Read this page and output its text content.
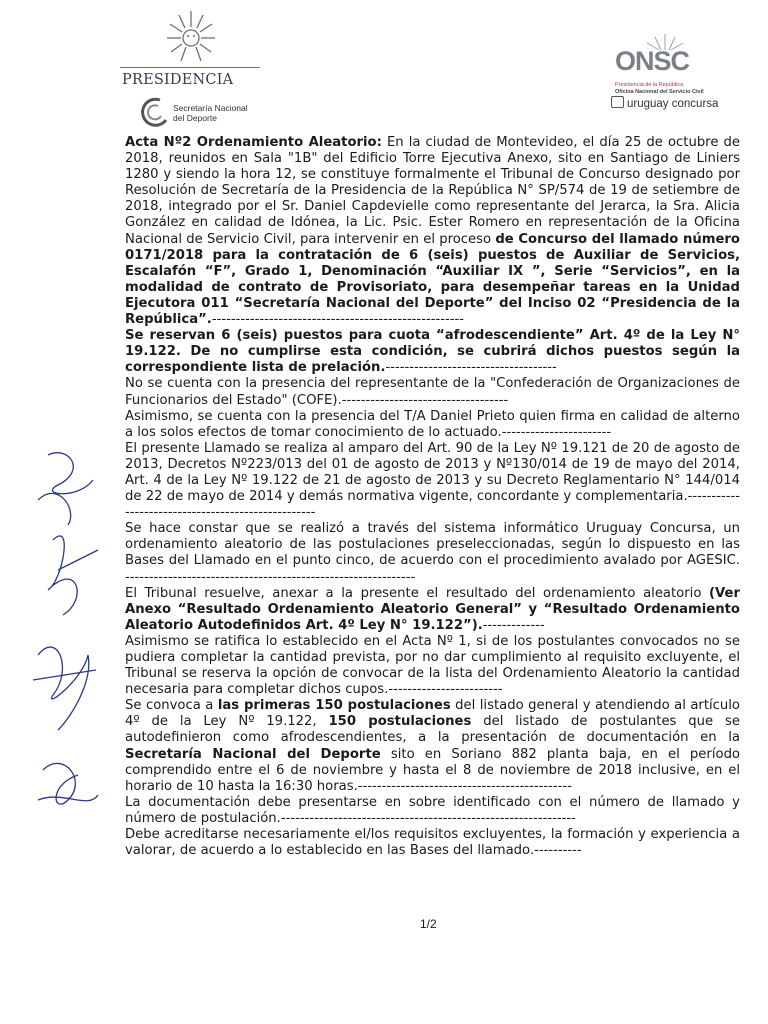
PRESIDENCIA
Secretaría Nacional
del Deporte
ONSC
Presidencia de la República
Oficina Nacional del Servicio Civil
uruguay concursa

Acta Nº2 Ordenamiento Aleatorio: En la ciudad de Montevideo, el día 25 de octubre de 2018, reunidos en Sala "1B" del Edificio Torre Ejecutiva Anexo, sito en Santiago de Liniers 1280 y siendo la hora 12, se constituye formalmente el Tribunal de Concurso designado por Resolución de Secretaría de la Presidencia de la República N° SP/574 de 19 de setiembre de 2018, integrado por el Sr. Daniel Capdevielle como representante del Jerarca, la Sra. Alicia González en calidad de Idónea, la Lic. Psic. Ester Romero en representación de la Oficina Nacional de Servicio Civil, para intervenir en el proceso de Concurso del llamado número 0171/2018 para la contratación de 6 (seis) puestos de Auxiliar de Servicios, Escalafón “F”, Grado 1, Denominación “Auxiliar IX ”, Serie “Servicios”, en la modalidad de contrato de Provisoriato, para desempeñar tareas en la Unidad Ejecutora 011 “Secretaría Nacional del Deporte” del Inciso 02 “Presidencia de la República”.-----------------------------------------------------

Se reservan 6 (seis) puestos para cuota “afrodescendiente” Art. 4º de la Ley N° 19.122. De no cumplirse esta condición, se cubrirá dichos puestos según la correspondiente lista de prelación.------------------------------------

No se cuenta con la presencia del representante de la "Confederación de Organizaciones de Funcionarios del Estado" (COFE).-----------------------------------

Asimismo, se cuenta con la presencia del T/A Daniel Prieto quien firma en calidad de alterno a los solos efectos de tomar conocimiento de lo actuado.-----------------------

El presente Llamado se realiza al amparo del Art. 90 de la Ley Nº 19.121 de 20 de agosto de 2013, Decretos Nº223/013 del 01 de agosto de 2013 y Nº130/014 de 19 de mayo del 2014, Art. 4 de la Ley Nº 19.122 de 21 de agosto de 2013 y su Decreto Reglamentario N° 144/014 de 22 de mayo de 2014 y demás normativa vigente, concordante y complementaria.---------------------------------------------------

Se hace constar que se realizó a través del sistema informático Uruguay Concursa, un ordenamiento aleatorio de las postulaciones preseleccionadas, según lo dispuesto en las Bases del Llamado en el punto cinco, de acuerdo con el procedimiento avalado por AGESIC. -------------------------------------------------------------

El Tribunal resuelve, anexar a la presente el resultado del ordenamiento aleatorio (Ver Anexo “Resultado Ordenamiento Aleatorio General” y “Resultado Ordenamiento Aleatorio Autodefinidos Art. 4º Ley N° 19.122”).-------------

Asimismo se ratifica lo establecido en el Acta Nº 1, si de los postulantes convocados no se pudiera completar la cantidad prevista, por no dar cumplimiento al requisito excluyente, el Tribunal se reserva la opción de convocar de la lista del Ordenamiento Aleatorio la cantidad necesaria para completar dichos cupos.------------------------

Se convoca a las primeras 150 postulaciones del listado general y atendiendo al artículo 4º de la Ley Nº 19.122, 150 postulaciones del listado de postulantes que se autodefinieron como afrodescendientes, a la presentación de documentación en la Secretaría Nacional del Deporte sito en Soriano 882 planta baja, en el período comprendido entre el 6 de noviembre y hasta el 8 de noviembre de 2018 inclusive, en el horario de 10 hasta la 16:30 horas.---------------------------------------------

La documentación debe presentarse en sobre identificado con el número de llamado y número de postulación.--------------------------------------------------------------

Debe acreditarse necesariamente el/los requisitos excluyentes, la formación y experiencia a valorar, de acuerdo a lo establecido en las Bases del llamado.----------

1/2
